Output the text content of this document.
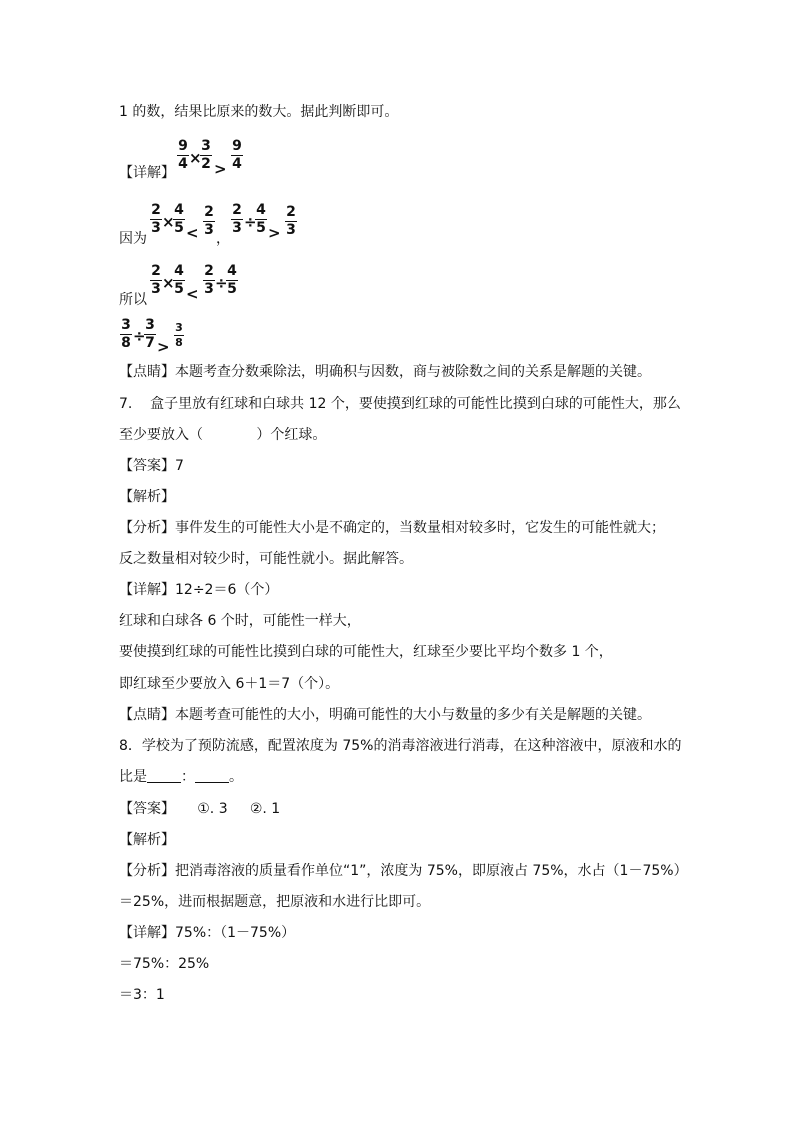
1 的数，结果比原来的数大。据此判断即可。
【详解】
9
4 ×
3
2 >
9
4
因为
2
3 ×
4
5 <
2
3
，
2
3 ÷
4
5 >
2
3
所以
2
3 ×
4
5 <
2
3 ÷
4
5
3
8 ÷
3
7 >
3
8
【点睛】本题考查分数乘除法，明确积与因数，商与被除数之间的关系是解题的关键。
7.    盒子里放有红球和白球共 12 个，要使摸到红球的可能性比摸到白球的可能性大，那么
至少要放入（            ）个红球。
【答案】7
【解析】
【分析】事件发生的可能性大小是不确定的，当数量相对较多时，它发生的可能性就大；
反之数量相对较少时，可能性就小。据此解答。
【详解】12÷2＝6（个）
红球和白球各 6 个时，可能性一样大，
要使摸到红球的可能性比摸到白球的可能性大，红球至少要比平均个数多 1 个，
即红球至少要放入 6＋1＝7（个）。
【点睛】本题考查可能性的大小，明确可能性的大小与数量的多少有关是解题的关键。
8．学校为了预防流感，配置浓度为 75%的消毒溶液进行消毒，在这种溶液中，原液和水的
比是 ： 。
【答案】     ①. 3     ②. 1
【解析】
【分析】把消毒溶液的质量看作单位“1”，浓度为 75%，即原液占 75%，水占（1－75%）
＝25%，进而根据题意，把原液和水进行比即可。
【详解】75%：（1－75%）
＝75%：25%
＝3：1
